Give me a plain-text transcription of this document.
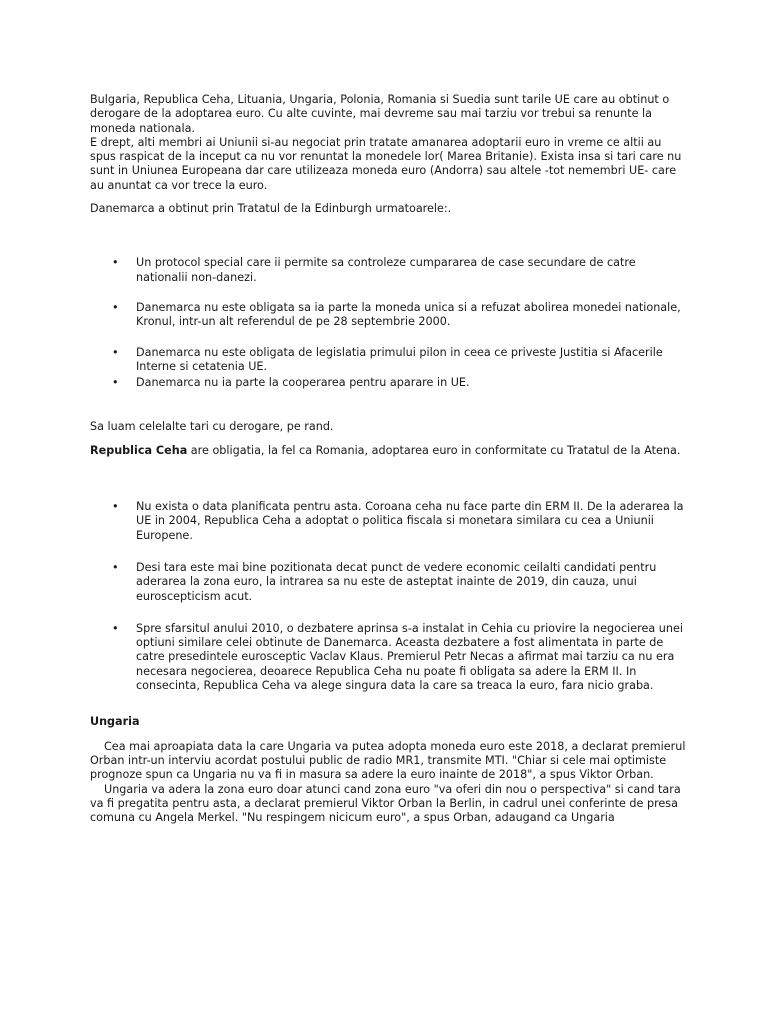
Bulgaria, Republica Ceha, Lituania, Ungaria, Polonia, Romania si Suedia sunt tarile UE care au obtinut o derogare de la adoptarea euro. Cu alte cuvinte, mai devreme sau mai tarziu vor trebui sa renunte la moneda nationala.

E drept, alti membri ai Uniunii si-au negociat prin tratate amanarea adoptarii euro in vreme ce altii au spus raspicat de la inceput ca nu vor renuntat la monedele lor( Marea Britanie). Exista insa si tari care nu sunt in Uniunea Europeana dar care utilizeaza moneda euro (Andorra) sau altele -tot nemembri UE- care au anuntat ca vor trece la euro.

Danemarca a obtinut prin Tratatul de la Edinburgh urmatoarele:.

• Un protocol special care ii permite sa controleze cumpararea de case secundare de catre nationalii non-danezi.
• Danemarca nu este obligata sa ia parte la moneda unica si a refuzat abolirea monedei nationale, Kronul, intr-un alt referendul de pe 28 septembrie 2000.
• Danemarca nu este obligata de legislatia primului pilon in ceea ce priveste Justitia si Afacerile Interne si cetatenia UE.
• Danemarca nu ia parte la cooperarea pentru aparare in UE.

Sa luam celelalte tari cu derogare, pe rand.

Republica Ceha are obligatia, la fel ca Romania, adoptarea euro in conformitate cu Tratatul de la Atena.

• Nu exista o data planificata pentru asta. Coroana ceha nu face parte din ERM II. De la aderarea la UE in 2004, Republica Ceha a adoptat o politica fiscala si monetara similara cu cea a Uniunii Europene.
• Desi tara este mai bine pozitionata decat punct de vedere economic ceilalti candidati pentru aderarea la zona euro, la intrarea sa nu este de asteptat inainte de 2019, din cauza, unui euroscepticism acut.
• Spre sfarsitul anului 2010, o dezbatere aprinsa s-a instalat in Cehia cu priovire la negocierea unei optiuni similare celei obtinute de Danemarca. Aceasta dezbatere a fost alimentata in parte de catre presedintele eurosceptic Vaclav Klaus. Premierul Petr Necas a afirmat mai tarziu ca nu era necesara negocierea, deoarece Republica Ceha nu poate fi obligata sa adere la ERM II. In consecinta, Republica Ceha va alege singura data la care sa treaca la euro, fara nicio graba.

Ungaria

Cea mai aproapiata data la care Ungaria va putea adopta moneda euro este 2018, a declarat premierul Orban intr-un interviu acordat postului public de radio MR1, transmite MTI. "Chiar si cele mai optimiste prognoze spun ca Ungaria nu va fi in masura sa adere la euro inainte de 2018", a spus Viktor Orban.

Ungaria va adera la zona euro doar atunci cand zona euro "va oferi din nou o perspectiva" si cand tara va fi pregatita pentru asta, a declarat premierul Viktor Orban la Berlin, in cadrul unei conferinte de presa comuna cu Angela Merkel. "Nu respingem nicicum euro", a spus Orban, adaugand ca Ungaria
